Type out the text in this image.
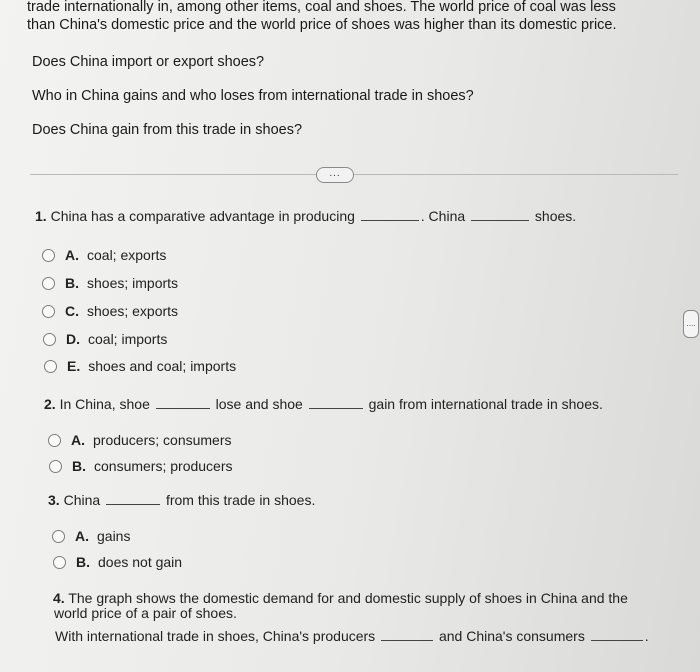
trade internationally in, among other items, coal and shoes. The world price of coal was less
than China's domestic price and the world price of shoes was higher than its domestic price.
Does China import or export shoes?
Who in China gains and who loses from international trade in shoes?
Does China gain from this trade in shoes?
...
....
1. China has a comparative advantage in producing	. China	shoes.
A. coal; exports
B. shoes; imports
C. shoes; exports
D. coal; imports
E. shoes and coal; imports
2. In China, shoe	lose and shoe	gain from international trade in shoes.
A. producers; consumers
B. consumers; producers
3. China	from this trade in shoes.
A. gains
B. does not gain
4. The graph shows the domestic demand for and domestic supply of shoes in China and the
world price of a pair of shoes.
With international trade in shoes, China's producers	and China's consumers	.
